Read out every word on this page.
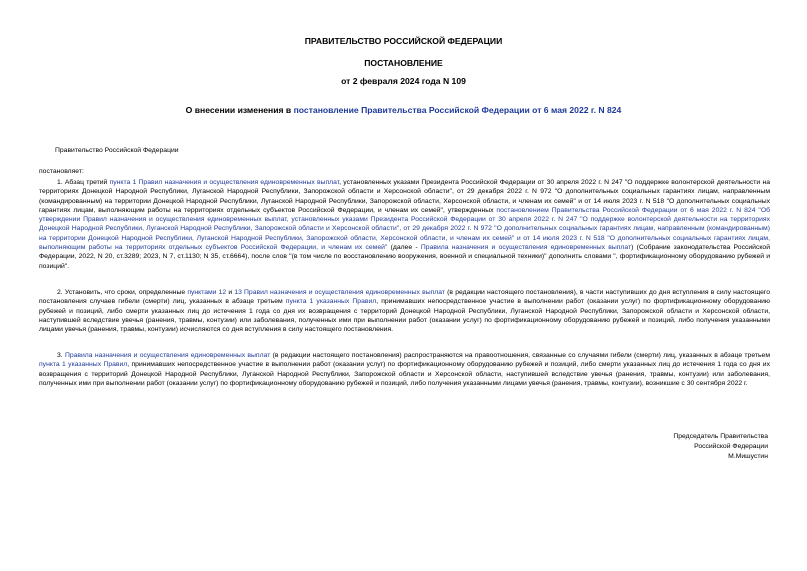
ПРАВИТЕЛЬСТВО РОССИЙСКОЙ ФЕДЕРАЦИИ
ПОСТАНОВЛЕНИЕ
от 2 февраля 2024 года N 109
О внесении изменения в постановление Правительства Российской Федерации от 6 мая 2022 г. N 824
Правительство Российской Федерации
постановляет:
1. Абзац третий пункта 1 Правил назначения и осуществления единовременных выплат, установленных указами Президента Российской Федерации от 30 апреля 2022 г. N 247 "О поддержке волонтерской деятельности на территориях Донецкой Народной Республики, Луганской Народной Республики, Запорожской области и Херсонской области", от 29 декабря 2022 г. N 972 "О дополнительных социальных гарантиях лицам, направленным (командированным) на территории Донецкой Народной Республики, Луганской Народной Республики, Запорожской области, Херсонской области, и членам их семей" и от 14 июля 2023 г. N 518 "О дополнительных социальных гарантиях лицам, выполняющим работы на территориях отдельных субъектов Российской Федерации, и членам их семей", утвержденных постановлением Правительства Российской Федерации от 6 мая 2022 г. N 824 "Об утверждении Правил назначения и осуществления единовременных выплат, установленных указами Президента Российской Федерации от 30 апреля 2022 г. N 247 "О поддержке волонтерской деятельности на территориях Донецкой Народной Республики, Луганской Народной Республики, Запорожской области и Херсонской области", от 29 декабря 2022 г. N 972 "О дополнительных социальных гарантиях лицам, направленным (командированным) на территории Донецкой Народной Республики, Луганской Народной Республики, Запорожской области, Херсонской области, и членам их семей" и от 14 июля 2023 г. N 518 "О дополнительных социальных гарантиях лицам, выполняющим работы на территориях отдельных субъектов Российской Федерации, и членам их семей" (далее - Правила назначения и осуществления единовременных выплат) (Собрание законодательства Российской Федерации, 2022, N 20, ст.3289; 2023, N 7, ст.1130; N 35, ст.6664), после слов "(в том числе по восстановлению вооружения, военной и специальной техники)" дополнить словами ", фортификационному оборудованию рубежей и позиций".
2. Установить, что сроки, определенные пунктами 12 и 13 Правил назначения и осуществления единовременных выплат (в редакции настоящего постановления), в части наступивших до дня вступления в силу настоящего постановления случаев гибели (смерти) лиц, указанных в абзаце третьем пункта 1 указанных Правил, принимавших непосредственное участие в выполнении работ (оказании услуг) по фортификационному оборудованию рубежей и позиций, либо смерти указанных лиц до истечения 1 года со дня их возвращения с территорий Донецкой Народной Республики, Луганской Народной Республики, Запорожской области и Херсонской области, наступившей вследствие увечья (ранения, травмы, контузии) или заболевания, полученных ими при выполнении работ (оказании услуг) по фортификационному оборудованию рубежей и позиций, либо получения указанными лицами увечья (ранения, травмы, контузии) исчисляются со дня вступления в силу настоящего постановления.
3. Правила назначения и осуществления единовременных выплат (в редакции настоящего постановления) распространяются на правоотношения, связанные со случаями гибели (смерти) лиц, указанных в абзаце третьем пункта 1 указанных Правил, принимавших непосредственное участие в выполнении работ (оказании услуг) по фортификационному оборудованию рубежей и позиций, либо смерти указанных лиц до истечения 1 года со дня их возвращения с территорий Донецкой Народной Республики, Луганской Народной Республики, Запорожской области и Херсонской области, наступившей вследствие увечья (ранения, травмы, контузии) или заболевания, полученных ими при выполнении работ (оказании услуг) по фортификационному оборудованию рубежей и позиций, либо получения указанными лицами увечья (ранения, травмы, контузии), возникшие с 30 сентября 2022 г.
Председатель Правительства
Российской Федерации
М.Мишустин
